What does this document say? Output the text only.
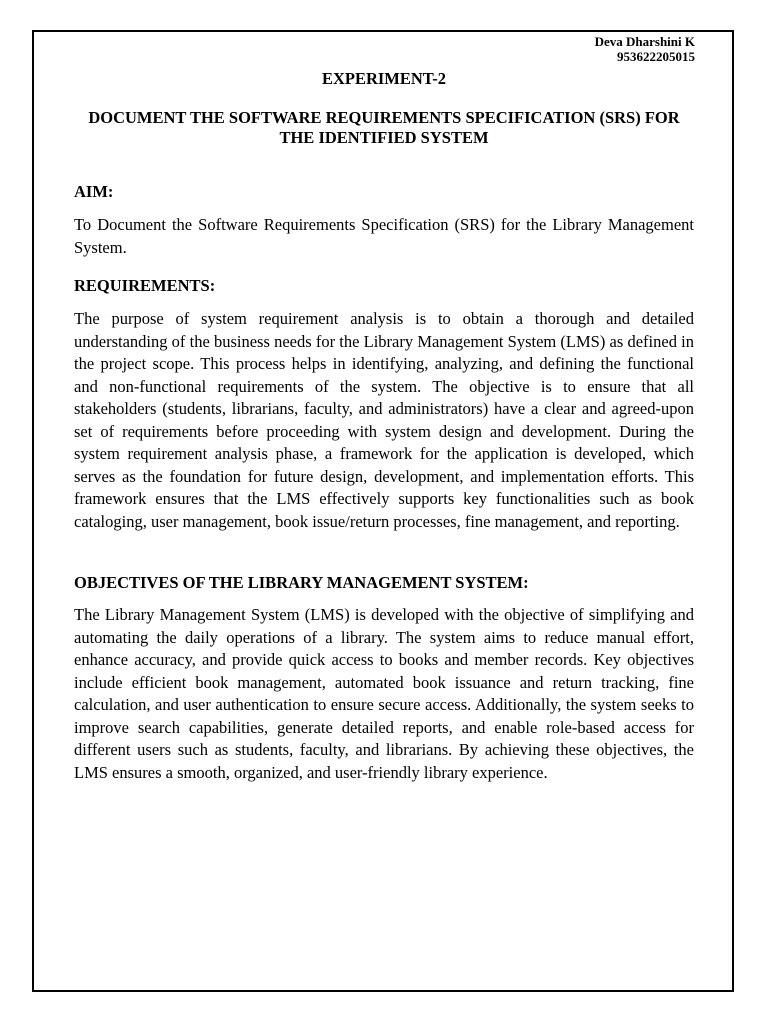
Deva Dharshini K
953622205015
EXPERIMENT-2
DOCUMENT THE SOFTWARE REQUIREMENTS SPECIFICATION (SRS) FOR THE IDENTIFIED SYSTEM
AIM:
To Document the Software Requirements Specification (SRS) for the Library Management System.
REQUIREMENTS:
The purpose of system requirement analysis is to obtain a thorough and detailed understanding of the business needs for the Library Management System (LMS) as defined in the project scope. This process helps in identifying, analyzing, and defining the functional and non-functional requirements of the system. The objective is to ensure that all stakeholders (students, librarians, faculty, and administrators) have a clear and agreed-upon set of requirements before proceeding with system design and development. During the system requirement analysis phase, a framework for the application is developed, which serves as the foundation for future design, development, and implementation efforts. This framework ensures that the LMS effectively supports key functionalities such as book cataloging, user management, book issue/return processes, fine management, and reporting.
OBJECTIVES OF THE LIBRARY MANAGEMENT SYSTEM:
The Library Management System (LMS) is developed with the objective of simplifying and automating the daily operations of a library. The system aims to reduce manual effort, enhance accuracy, and provide quick access to books and member records. Key objectives include efficient book management, automated book issuance and return tracking, fine calculation, and user authentication to ensure secure access. Additionally, the system seeks to improve search capabilities, generate detailed reports, and enable role-based access for different users such as students, faculty, and librarians. By achieving these objectives, the LMS ensures a smooth, organized, and user-friendly library experience.
